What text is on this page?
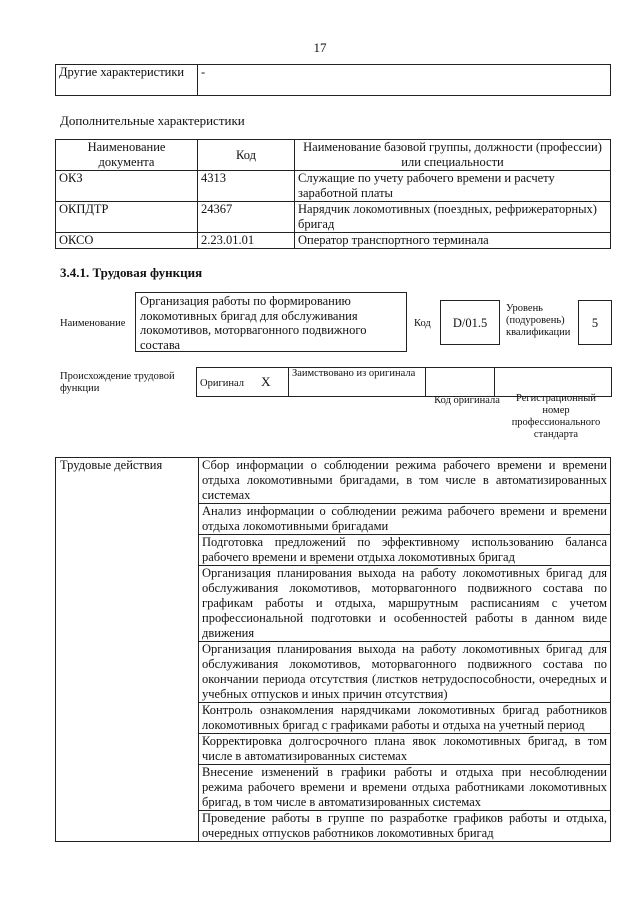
17
Другие характеристики	-
Дополнительные характеристики
Наименование документа	Код	Наименование базовой группы, должности (профессии) или специальности
ОКЗ	4313	Служащие по учету рабочего времени и расчету заработной платы
ОКПДТР	24367	Нарядчик локомотивных (поездных, рефрижераторных) бригад
ОКСО	2.23.01.01	Оператор транспортного терминала
3.4.1. Трудовая функция
Наименование
Организация работы по формированию локомотивных бригад для обслуживания локомотивов, моторвагонного подвижного состава
Код	D/01.5
Уровень (подуровень) квалификации
5
Происхождение трудовой функции	Оригинал X	Заимствовано из оригинала		
Код оригинала	Регистрационный номер профессионального стандарта
Трудовые действия	Сбор информации о соблюдении режима рабочего времени и времени отдыха локомотивными бригадами, в том числе в автоматизированных системах
Анализ информации о соблюдении режима рабочего времени и времени отдыха локомотивными бригадами
Подготовка предложений по эффективному использованию баланса рабочего времени и времени отдыха локомотивных бригад
Организация планирования выхода на работу локомотивных бригад для обслуживания локомотивов, моторвагонного подвижного состава по графикам работы и отдыха, маршрутным расписаниям с учетом профессиональной подготовки и особенностей работы в данном виде движения
Организация планирования выхода на работу локомотивных бригад для обслуживания локомотивов, моторвагонного подвижного состава по окончании периода отсутствия (листков нетрудоспособности, очередных и учебных отпусков и иных причин отсутствия)
Контроль ознакомления нарядчиками локомотивных бригад работников локомотивных бригад с графиками работы и отдыха на учетный период
Корректировка долгосрочного плана явок локомотивных бригад, в том числе в автоматизированных системах
Внесение изменений в графики работы и отдыха при несоблюдении режима рабочего времени и времени отдыха работниками локомотивных бригад, в том числе в автоматизированных системах
Проведение работы в группе по разработке графиков работы и отдыха, очередных отпусков работников локомотивных бригад
